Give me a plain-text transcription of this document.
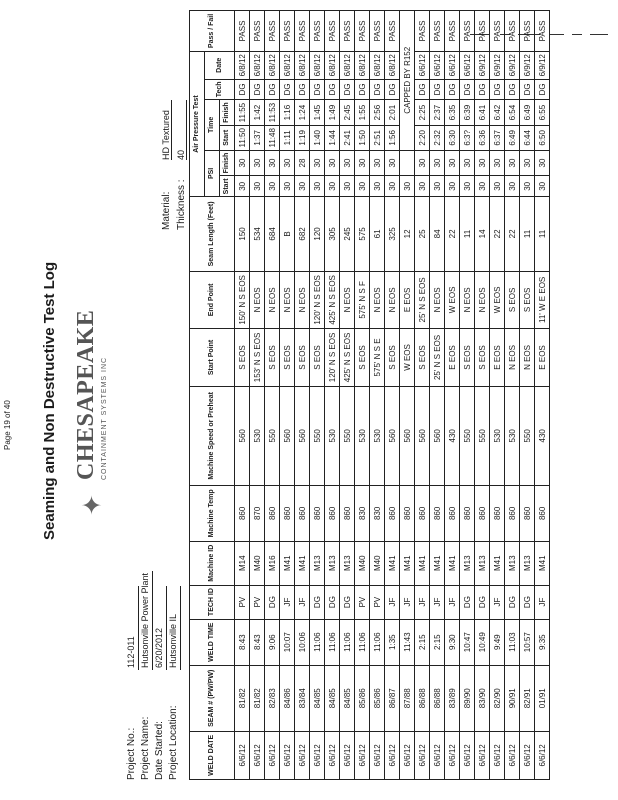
Seaming and Non Destructive Test Log ✦
CHESAPEAKE CONTAINMENT SYSTEMS INC
Page 19 of 40
Project No.:
112-011
Project Name:
Hutsonville Power Plant
Date Started:
6/20/2012
Project Location:
Hutsonville IL
Material:
HD Textured
Thickness :
40
WELD DATE	SEAM # (PW/PW)	WELD TIME	TECH ID	Machine ID	Machine Temp	Machine Speed or Preheat	Start Point	End Point	Seam Length (Feet)	Air Pressure Test						Pass / Fail
										PSI		Time		Tech	Date	
										Start	Finish	Start	Finish			
6/6/12	81/82	8:43	PV	M14	860	560	S EOS	150' N S EOS	150	30	30	11:50	11:55	DG	6/8/12	PASS
6/6/12	81/82	8:43	PV	M40	870	530	153' N S EOS	N EOS	534	30	30	1:37	1:42	DG	6/8/12	PASS
6/6/12	82/83	9:06	DG	M16	860	550	S EOS	N EOS	684	30	30	11:48	11:53	DG	6/8/12	PASS
6/6/12	84/86	10:07	JF	M41	860	560	S EOS	N EOS	B	30	30	1:11	1:16	DG	6/8/12	PASS
6/6/12	83/84	10:06	JF	M41	860	560	S EOS	N EOS	682	30	28	1:19	1:24	DG	6/8/12	PASS
6/6/12	84/85	11:06	DG	M13	860	550	S EOS	120' N S EOS	120	30	30	1:40	1:45	DG	6/8/12	PASS
6/6/12	84/85	11:06	DG	M13	860	530	120' N S EOS	425' N S EOS	305	30	30	1:44	1:49	DG	6/8/12	PASS
6/6/12	84/85	11:06	DG	M13	860	550	425' N S EOS	N EOS	245	30	30	2:41	2:45	DG	6/8/12	PASS
6/6/12	85/86	11:06	PV	M40	830	530	S EOS	575' N S F	575	30	30	1:50	1:55	DG	6/8/12	PASS
6/6/12	85/86	11:06	PV	M40	830	530	575' N S E	N EOS	61	30	30	2:51	2:56	DG	6/8/12	PASS
6/6/12	86/87	1:35	JF	M41	860	560	S EOS	N EOS	325	30	30	1:56	2:01	DG	6/8/12	PASS
6/6/12	87/88	11:43	JF	M41	860	560	W EOS	E EOS	12	30		CAPPED BY R152				
6/6/12	86/88	2:15	JF	M41	860	560	S EOS	25' N S EOS	25	30	30	2:20	2:25	DG	6/6/12	PASS
6/6/12	86/88	2:15	JF	M41	860	560	25' N S EOS	N EOS	84	30	30	2:32	2:37	DG	6/6/12	PASS
6/6/12	83/89	9:30	JF	M41	860	430	E EOS	W EOS	22	30	30	6:30	6:35	DG	6/6/12	PASS
6/6/12	89/90	10:47	DG	M13	860	550	S EOS	N EOS	11	30	30	6:3?	6:39	DG	6/6/12	PASS
6/6/12	83/90	10:49	DG	M13	860	550	S EOS	N EOS	14	30	30	6:36	6:41	DG	6/9/12	PASS
6/6/12	82/90	9:49	JF	M41	860	530	E EOS	W EOS	22	30	30	6:37	6:42	DG	6/9/12	PASS
6/6/12	90/91	11:03	DG	M13	860	530	N EOS	S EOS	22	30	30	6:49	6:54	DG	6/9/12	PASS
6/6/12	82/91	10:57	DG	M13	860	550	N EOS	S EOS	11	30	30	6:44	6:49	DG	6/9/12	PASS
6/6/12	01/91	9:35	JF	M41	860	430	E EOS	11' W E EOS	11	30	30	6:50	6:55	DG	6/9/12	PASS
